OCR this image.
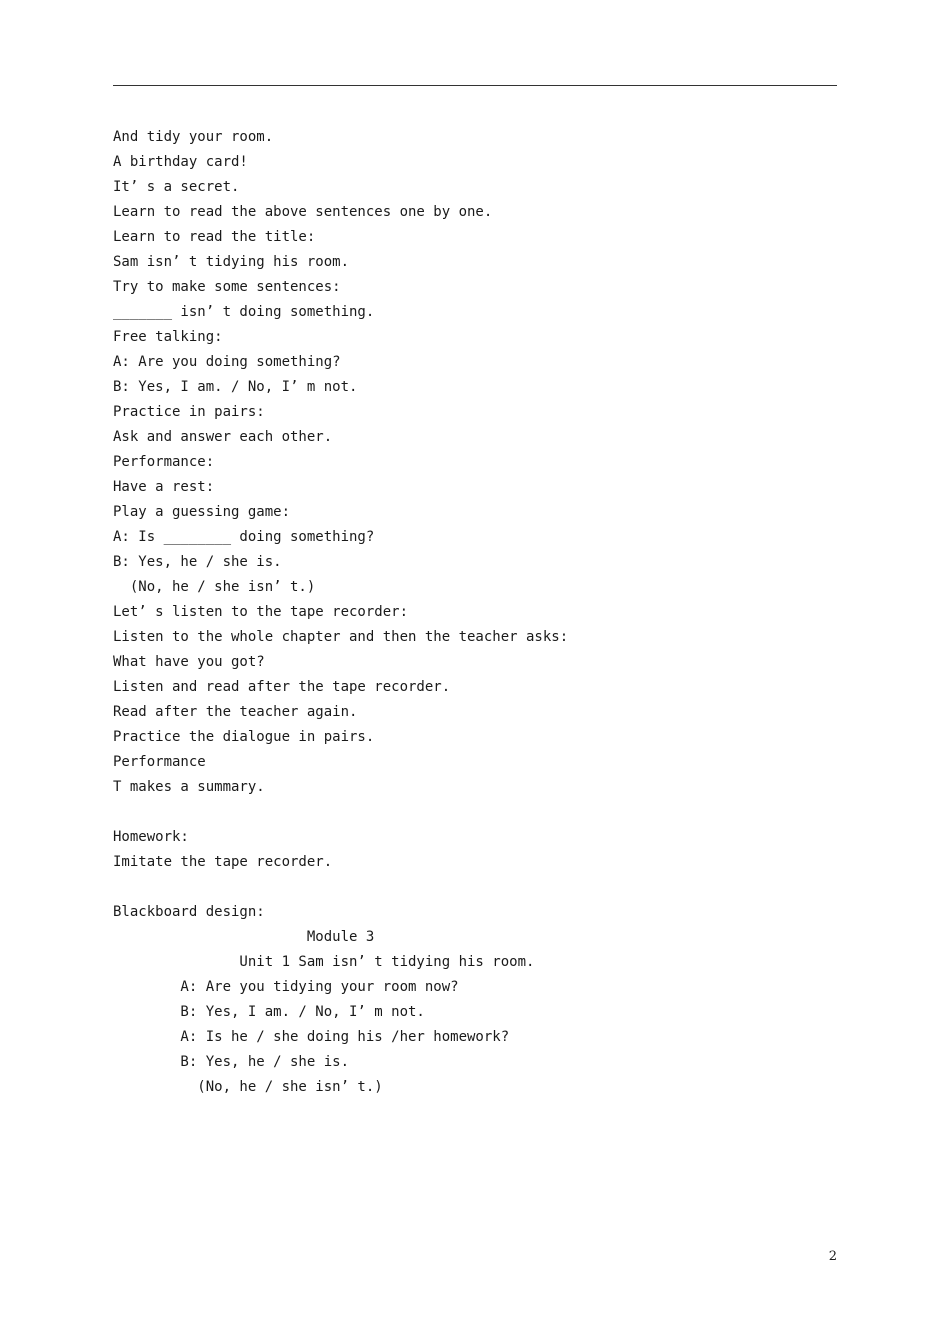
And tidy your room.
A birthday card!
It’ s a secret.
Learn to read the above sentences one by one.
Learn to read the title:
Sam isn’ t tidying his room.
Try to make some sentences:
_______ isn’ t doing something.
Free talking:
A: Are you doing something?
B: Yes, I am. / No, I’ m not.
Practice in pairs:
Ask and answer each other.
Performance:
Have a rest:
Play a guessing game:
A: Is ________ doing something?
B: Yes, he / she is.
(No, he / she isn’ t.)
Let’ s listen to the tape recorder:
Listen to the whole chapter and then the teacher asks:
What have you got?
Listen and read after the tape recorder.
Read after the teacher again.
Practice the dialogue in pairs.
Performance
T makes a summary.
Homework:
Imitate the tape recorder.
Blackboard design:
Module 3
Unit 1 Sam isn’ t tidying his room.
A: Are you tidying your room now?
B: Yes, I am. / No, I’ m not.
A: Is he / she doing his /her homework?
B: Yes, he / she is.
(No, he / she isn’ t.)
2
